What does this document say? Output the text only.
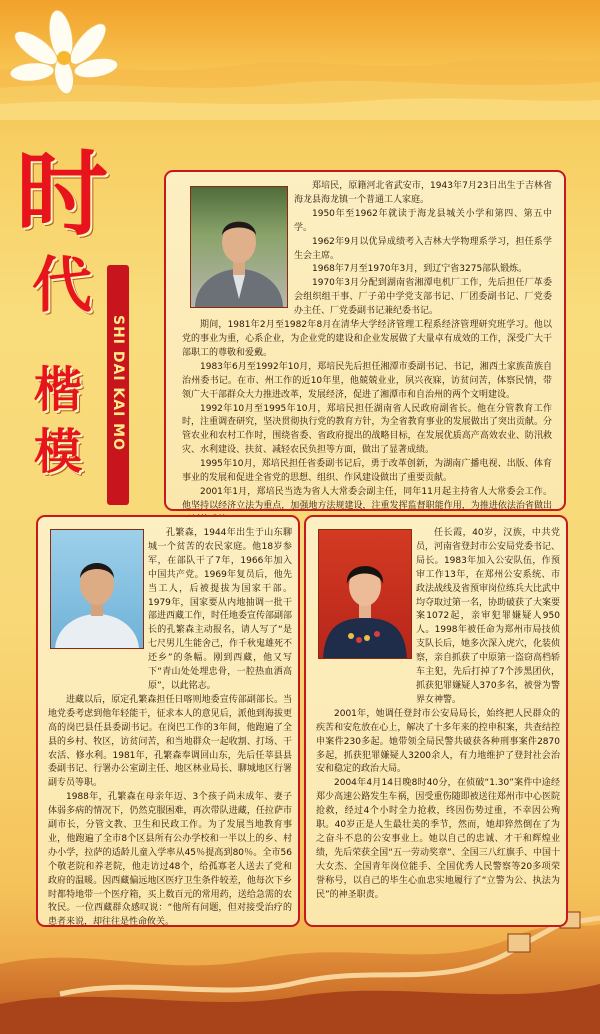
时
代
楷
模
SHI DAI KAI MO

郑培民，原籍河北省武安市，1943年7月23日出生于吉林省海龙县海龙镇一个普通工人家庭。

1950年至1962年就读于海龙县城关小学和第四、第五中学。

1962年9月以优异成绩考入吉林大学物理系学习，担任系学生会主席。

1968年7月至1970年3月，到辽宁省3275部队锻炼。

1970年3月分配到湖南省湘潭电机厂工作，先后担任厂革委会组织组干事、厂子弟中学党支部书记、厂团委副书记、厂党委办主任、厂党委副书记兼纪委书记。

期间，1981年2月至1982年8月在清华大学经济管理工程系经济管理研究班学习。他以党的事业为重，心系企业，为企业党的建设和企业发展做了大量卓有成效的工作，深受广大干部职工的尊敬和爱戴。

1983年6月至1992年10月，郑培民先后担任湘潭市委副书记、书记，湘西土家族苗族自治州委书记。在市、州工作的近10年里，他兢兢业业，夙兴夜寐，访贫问苦，体察民情，带领广大干部群众大力推进改革，发展经济，促进了湘潭市和自治州的两个文明建设。

1992年10月至1995年10月，郑培民担任湖南省人民政府副省长。他在分管教育工作时，注重调查研究，坚决贯彻执行党的教育方针，为全省教育事业的发展做出了突出贡献。分管农业和农村工作时，围绕省委、省政府提出的战略目标，在发展优质高产高效农业、防汛救灾、水利建设、扶贫、减轻农民负担等方面，做出了显著成绩。

1995年10月，郑培民担任省委副书记后，勇于改革创新，为湖南广播电视、出版、体育事业的发展和促进全省党的思想、组织、作风建设做出了重要贡献。

2001年1月，郑培民当选为省人大常委会副主任，同年11月起主持省人大常委会工作。他坚持以经济立法为重点，加强地方法规建设，注重发挥监督职能作用，为推进依法治省做出

孔繁森，1944年出生于山东聊城一个贫苦的农民家庭。他18岁参军，在部队干了7年，1966年加入中国共产党。1969年复员后，他先当工人，后被提拔为国家干部。1979年，国家要从内地抽调一批干部进西藏工作，时任地委宣传部副部长的孔繁森主动报名，请人写了“是七尺男儿生能舍己，作千秋鬼雄死不还乡”的条幅。刚到西藏，他又写下“青山处处埋忠骨，一腔热血洒高原”，以此铭志。

进藏以后，原定孔繁森担任日喀则地委宣传部副部长。当地党委考虑到他年轻能干，征求本人的意见后，派他到海拔更高的岗巴县任县委副书记。在岗巴工作的3年间，他跑遍了全县的乡村、牧区，访贫问苦，和当地群众一起收割、打场、干农活、修水利。1981年，孔繁森奉调回山东，先后任莘县县委副书记、行署办公室副主任、地区林业局长、聊城地区行署副专员等职。

1988年，孔繁森在母亲年迈、3个孩子尚未成年、妻子体弱多病的情况下，仍然克服困难，再次带队进藏，任拉萨市副市长，分管文教、卫生和民政工作。为了发展当地教育事业，他跑遍了全市8个区县所有公办学校和一半以上的乡、村办小学，拉萨的适龄儿童入学率从45％提高到80％。全市56个敬老院和养老院，他走访过48个，给孤寡老人送去了党和政府的温暖。因西藏偏远地区医疗卫生条件较差，他每次下乡时都特地带一个医疗箱，买上数百元的常用药，送给急需的农牧民。一位西藏群众感叹说：“他所有问题，但对接受治疗的患者来说，却往往是性命攸关。

任长霞，40岁，汉族，中共党员，河南省登封市公安局党委书记、局长。1983年加入公安队伍，作预审工作13年，在郑州公安系统、市政法战线及省预审岗位练兵大比武中均夺取过第一名，协助破获了大案要案1072起，亲审犯罪嫌疑人950人。1998年被任命为郑州市局技侦支队长后，她多次深入虎穴，化装侦察，亲自抓获了中原第一盗窃高档轿车主犯，先后打掉了7个涉黑团伙，抓获犯罪嫌疑人370多名，被誉为警界女神警。

2001年，她调任登封市公安局局长，始终把人民群众的疾苦和安危放在心上，解决了十多年来的控申积案，共查结控申案件230多起。她带领全局民警共破获各种刑事案件2870多起，抓获犯罪嫌疑人3200余人，有力地维护了登封社会治安和稳定的政治大局。

2004年4月14日晚8时40分，在侦破“1.30”案件中途经郑少高速公路发生车祸，因受重伤随即被送往郑州市中心医院抢救，经过4个小时全力抢救，终因伤势过重，不幸因公殉职。40岁正是人生最壮美的季节，然而，她却猝然倒在了为之奋斗不息的公安事业上。她以自己的忠诚、才干和辉煌业绩，先后荣获全国“五一劳动奖章”、全国三八红旗手、中国十大女杰、全国青年岗位能手、全国优秀人民警察等20多项荣誉称号，以自己的毕生心血忠实地履行了“立警为公、执法为民”的神圣职责。
